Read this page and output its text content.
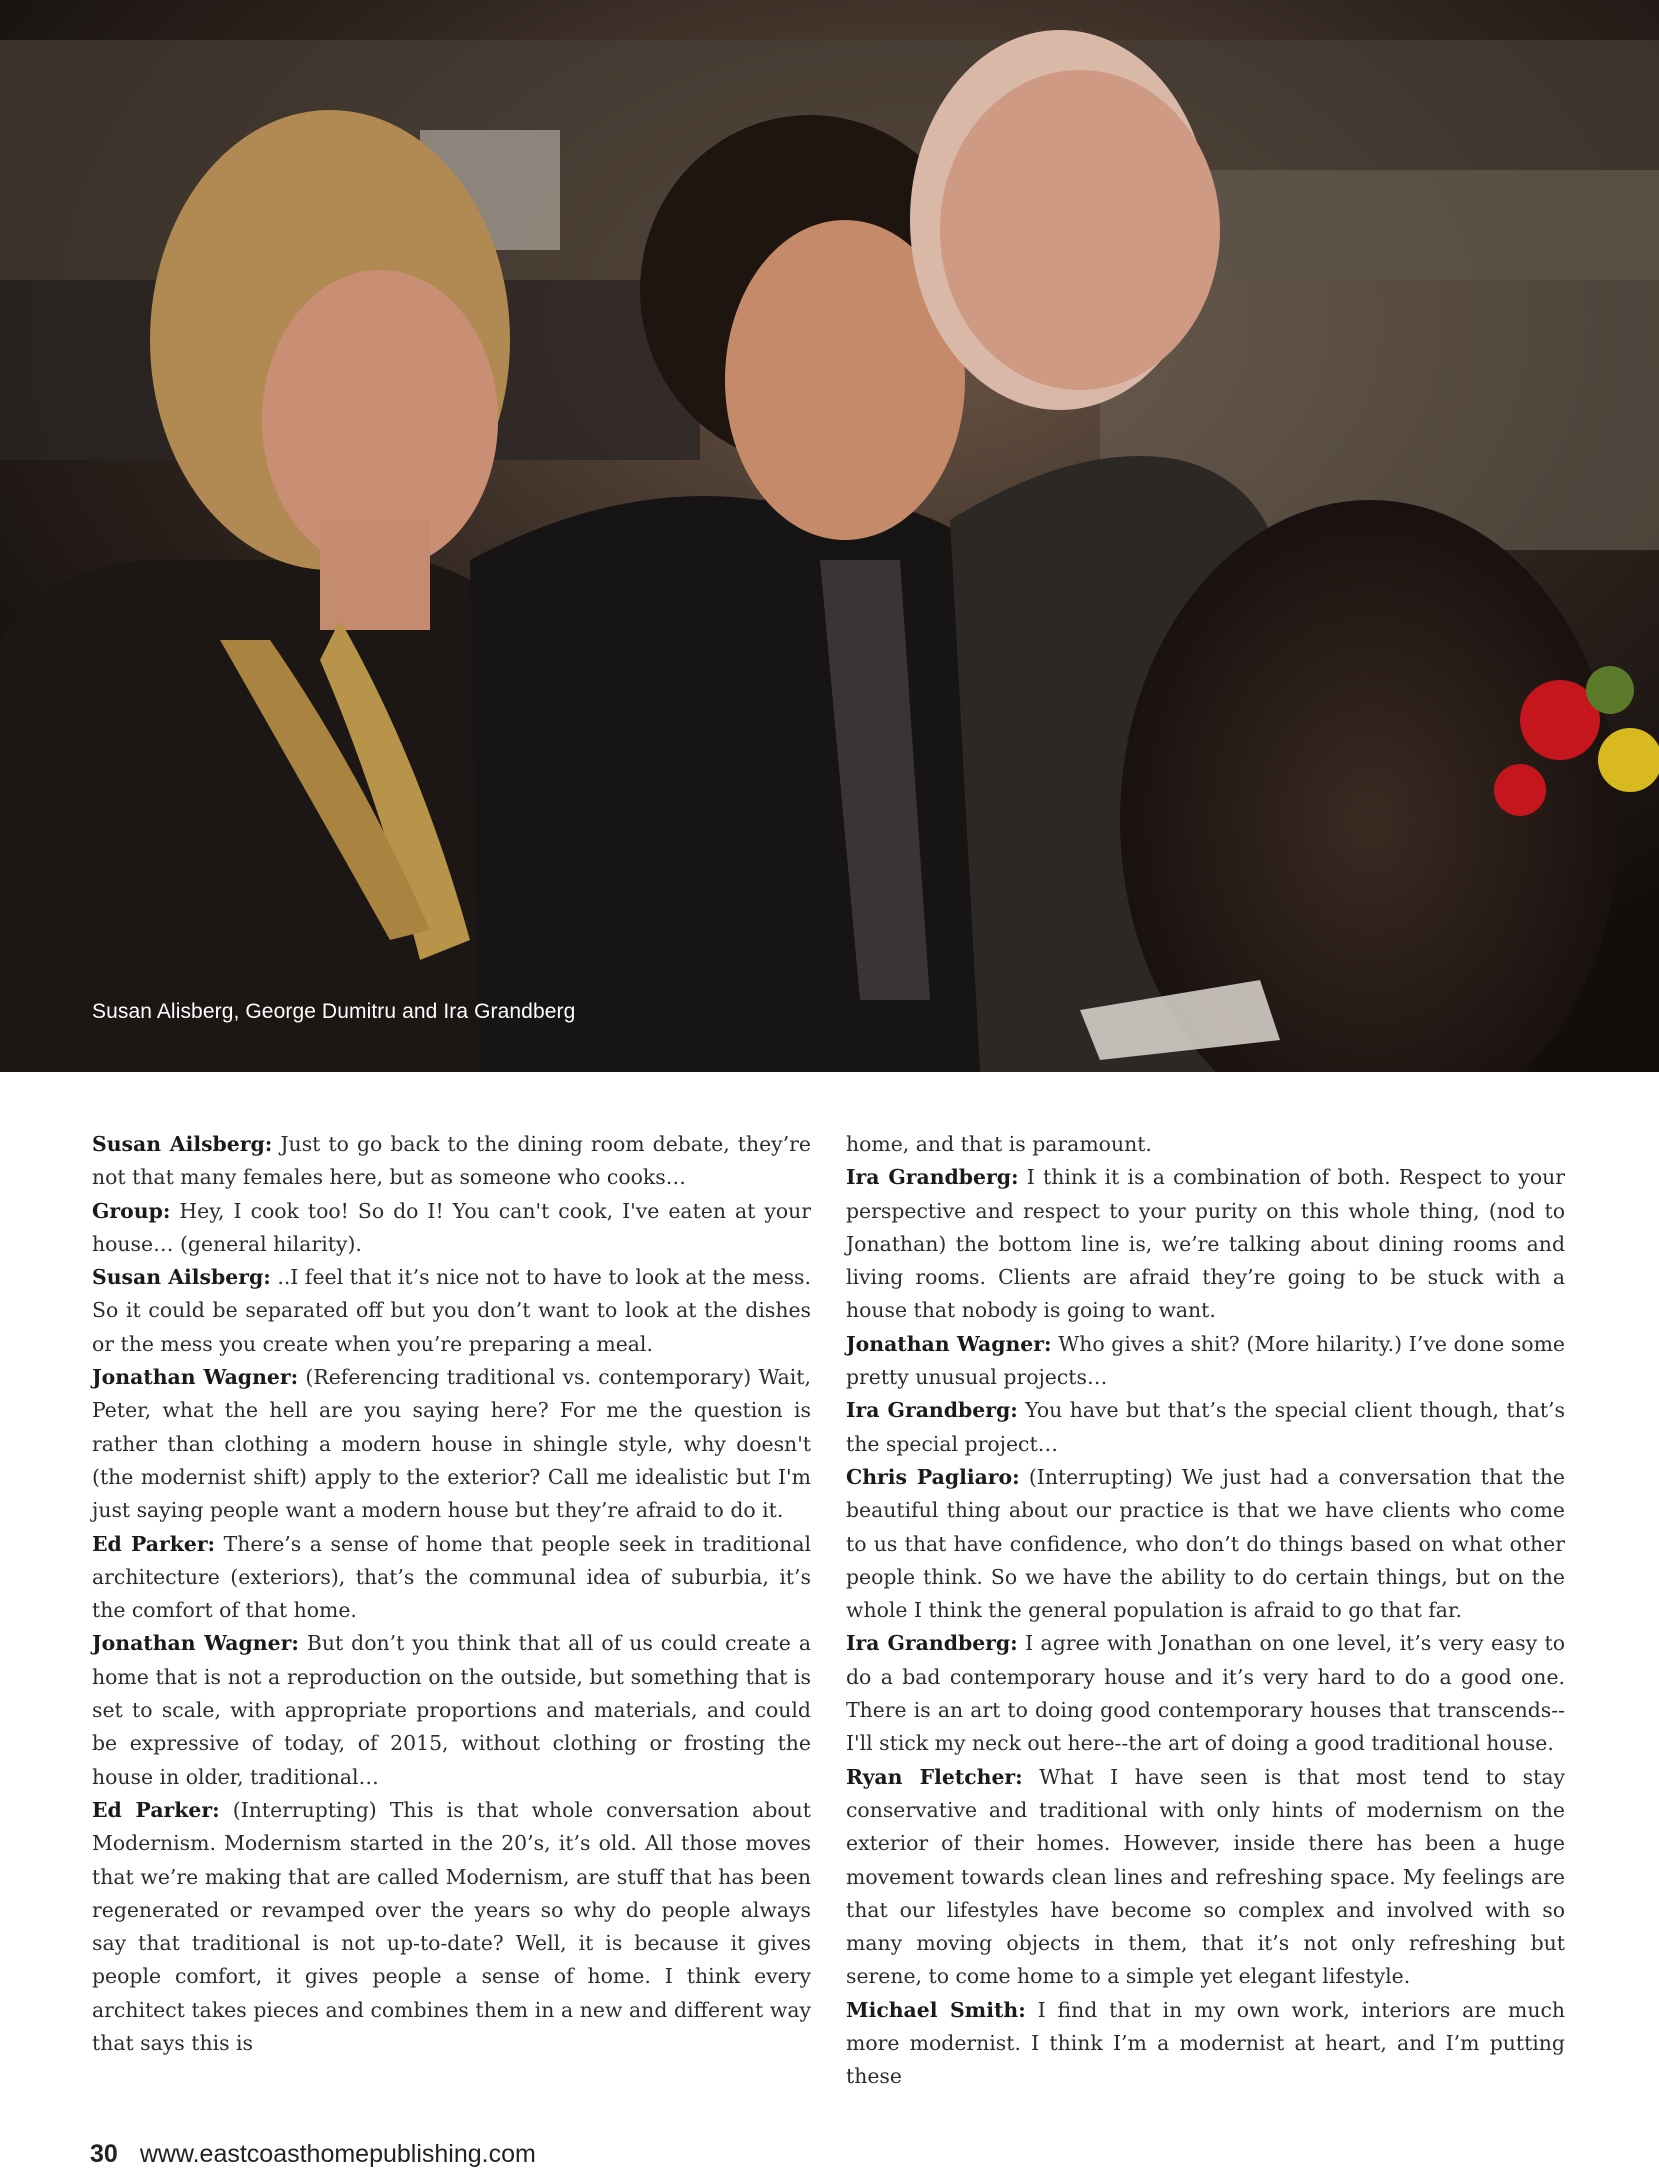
Susan Alisberg, George Dumitru and Ira Grandberg

Susan Ailsberg: Just to go back to the dining room debate, they’re not that many females here, but as someone who cooks…

Group: Hey, I cook too! So do I! You can't cook, I've eaten at your house… (general hilarity).

Susan Ailsberg: ..I feel that it’s nice not to have to look at the mess. So it could be separated off but you don’t want to look at the dishes or the mess you create when you’re preparing a meal.

Jonathan Wagner: (Referencing traditional vs. contemporary) Wait, Peter, what the hell are you saying here? For me the question is rather than clothing a modern house in shingle style, why doesn't (the modernist shift) apply to the exterior? Call me idealistic but I'm just saying people want a modern house but they’re afraid to do it.

Ed Parker: There’s a sense of home that people seek in traditional architecture (exteriors), that’s the communal idea of suburbia, it’s the comfort of that home.

Jonathan Wagner: But don’t you think that all of us could create a home that is not a reproduction on the outside, but something that is set to scale, with appropriate proportions and materials, and could be expressive of today, of 2015, without clothing or frosting the house in older, traditional…

Ed Parker: (Interrupting) This is that whole conversation about Modernism. Modernism started in the 20’s, it’s old. All those moves that we’re making that are called Modernism, are stuff that has been regenerated or revamped over the years so why do people always say that traditional is not up-to-date? Well, it is because it gives people comfort, it gives people a sense of home. I think every architect takes pieces and combines them in a new and different way that says this is

home, and that is paramount.

Ira Grandberg: I think it is a combination of both. Respect to your perspective and respect to your purity on this whole thing, (nod to Jonathan) the bottom line is, we’re talking about dining rooms and living rooms. Clients are afraid they’re going to be stuck with a house that nobody is going to want.

Jonathan Wagner: Who gives a shit? (More hilarity.) I’ve done some pretty unusual projects…

Ira Grandberg: You have but that’s the special client though, that’s the special project…

Chris Pagliaro: (Interrupting) We just had a conversation that the beautiful thing about our practice is that we have clients who come to us that have confidence, who don’t do things based on what other people think. So we have the ability to do certain things, but on the whole I think the general population is afraid to go that far.

Ira Grandberg: I agree with Jonathan on one level, it’s very easy to do a bad contemporary house and it’s very hard to do a good one. There is an art to doing good contemporary houses that transcends--I'll stick my neck out here--the art of doing a good traditional house.

Ryan Fletcher: What I have seen is that most tend to stay conservative and traditional with only hints of modernism on the exterior of their homes. However, inside there has been a huge movement towards clean lines and refreshing space. My feelings are that our lifestyles have become so complex and involved with so many moving objects in them, that it’s not only refreshing but serene, to come home to a simple yet elegant lifestyle.

Michael Smith: I find that in my own work, interiors are much more modernist. I think I’m a modernist at heart, and I’m putting these

30 www.eastcoasthomepublishing.com
